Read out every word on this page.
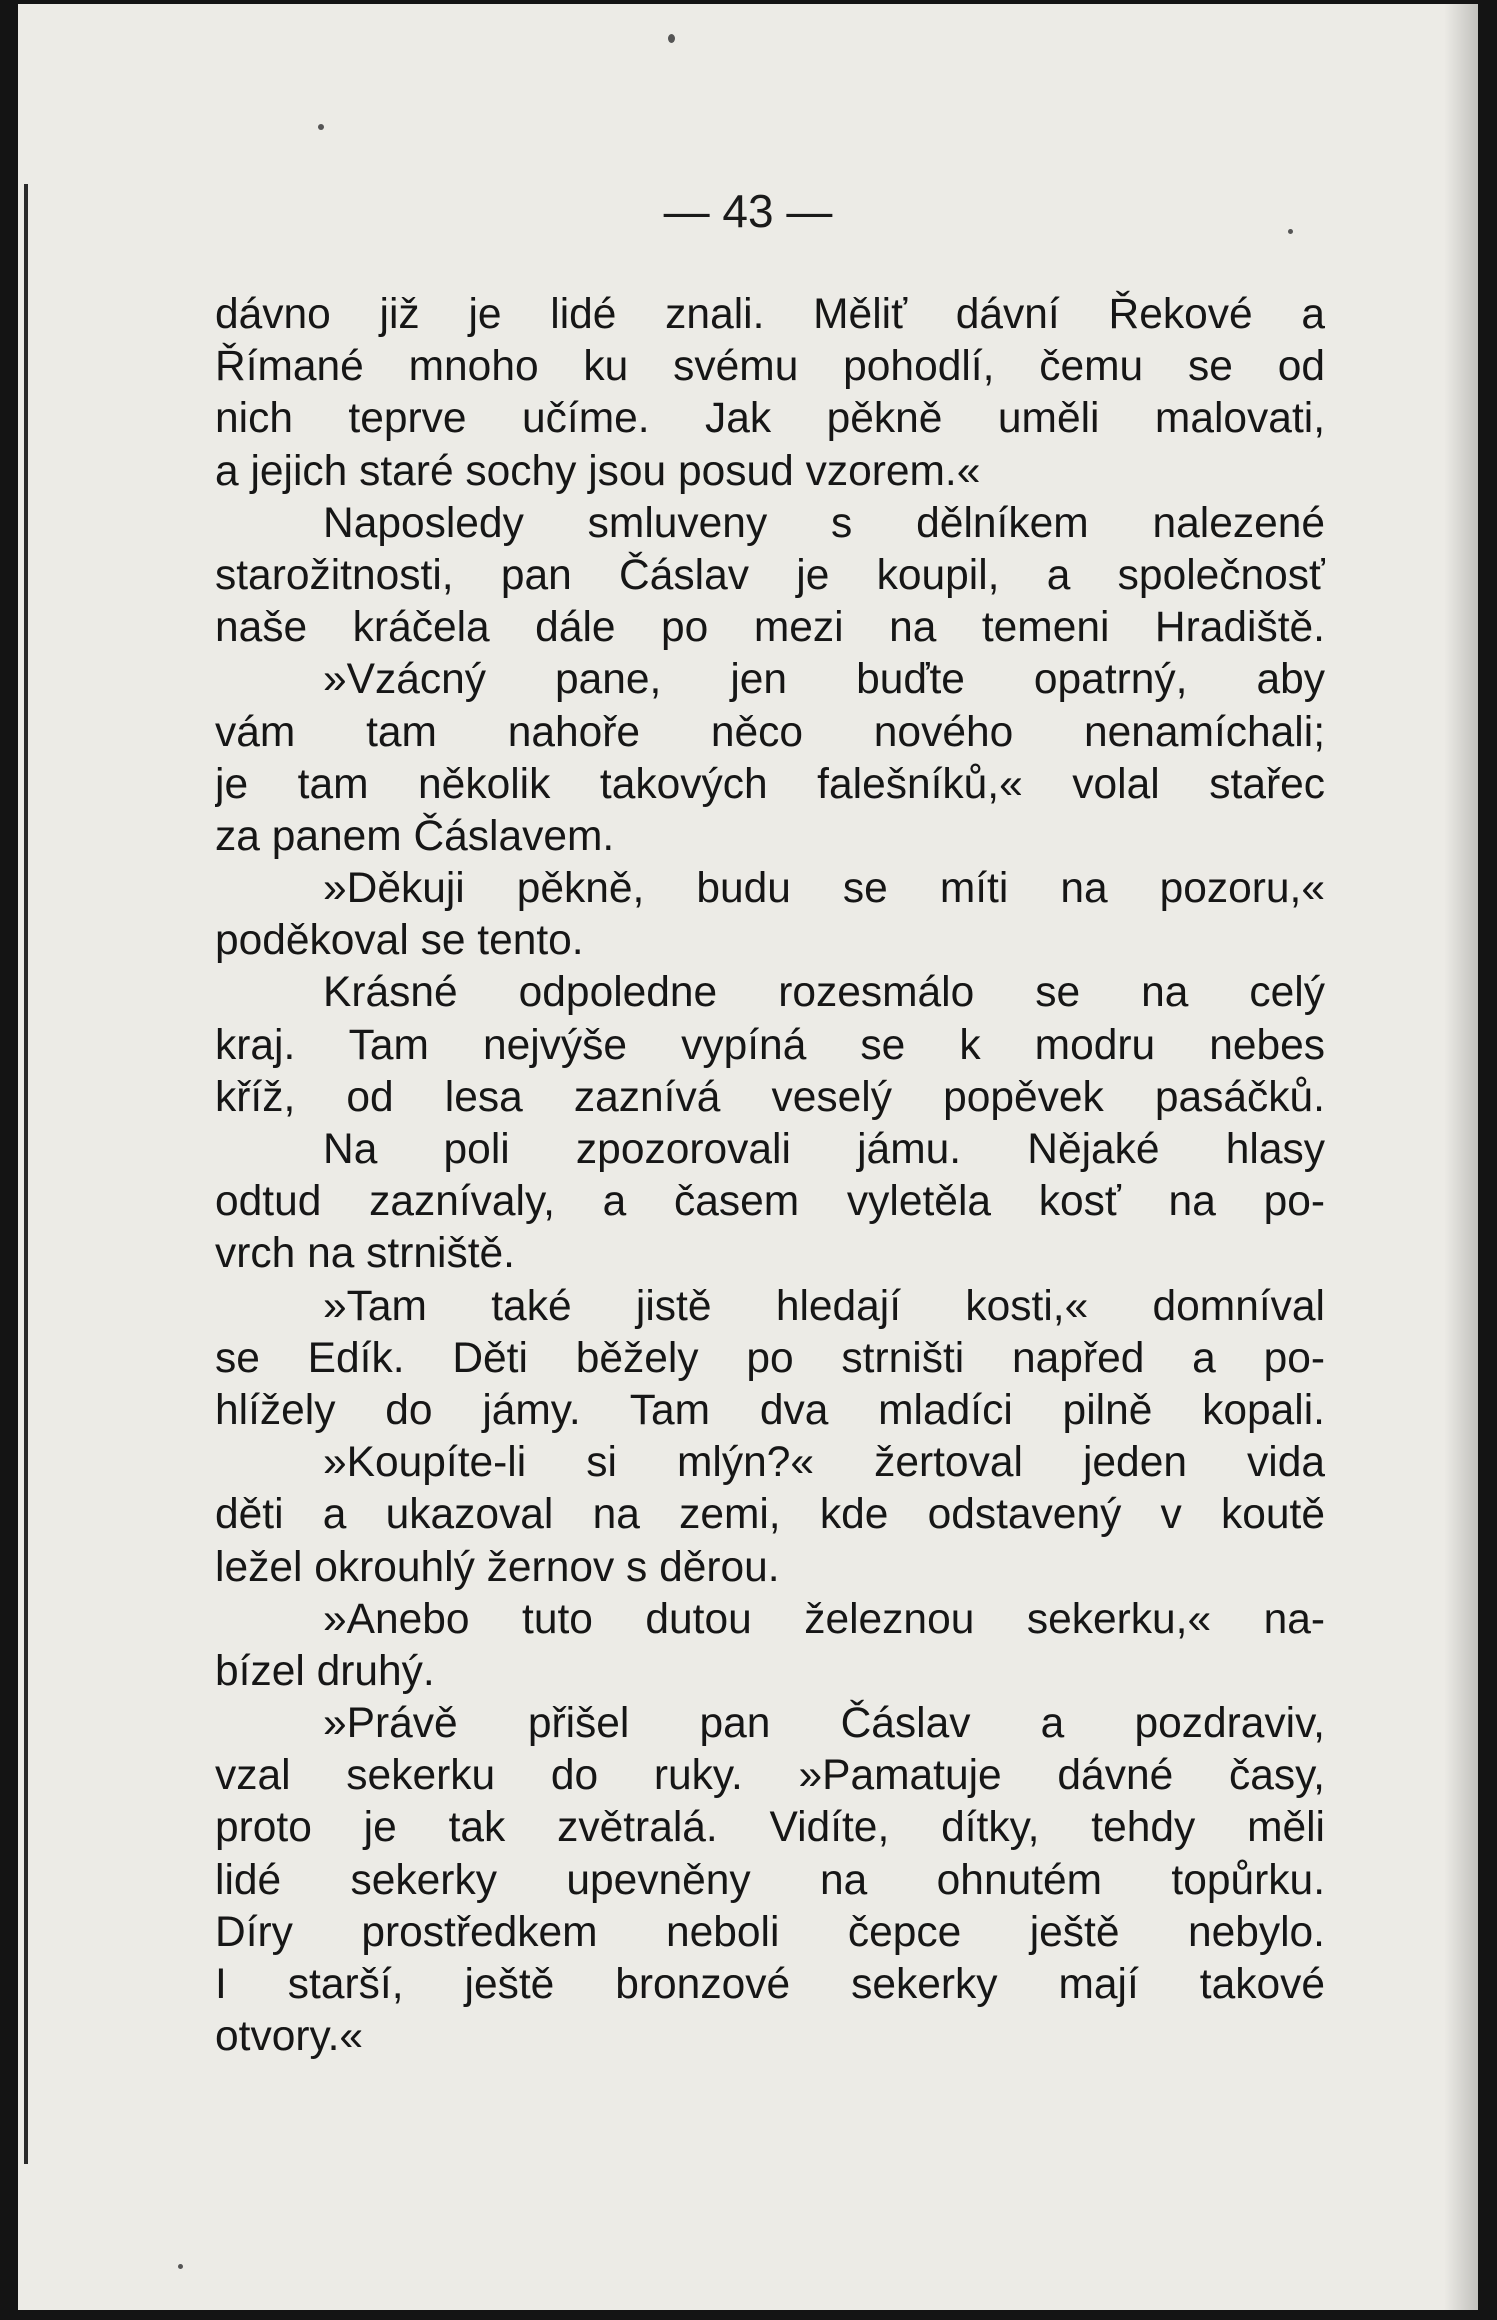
— 43 —
dávno již je lidé znali. Měliť dávní Řekové a
Římané mnoho ku svému pohodlí, čemu se od
nich teprve učíme. Jak pěkně uměli malovati,
a jejich staré sochy jsou posud vzorem.«
Naposledy smluveny s dělníkem nalezené
starožitnosti, pan Čáslav je koupil, a společnosť
naše kráčela dále po mezi na temeni Hradiště.
»Vzácný pane, jen buďte opatrný, aby
vám tam nahoře něco nového nenamíchali;
je tam několik takových falešníků,« volal stařec
za panem Čáslavem.
»Děkuji pěkně, budu se míti na pozoru,«
poděkoval se tento.
Krásné odpoledne rozesmálo se na celý
kraj. Tam nejvýše vypíná se k modru nebes
kříž, od lesa zaznívá veselý popěvek pasáčků.
Na poli zpozorovali jámu. Nějaké hlasy
odtud zaznívaly, a časem vyletěla kosť na po-
vrch na strniště.
»Tam také jistě hledají kosti,« domníval
se Edík. Děti běžely po strništi napřed a po-
hlížely do jámy. Tam dva mladíci pilně kopali.
»Koupíte-li si mlýn?« žertoval jeden vida
děti a ukazoval na zemi, kde odstavený v koutě
ležel okrouhlý žernov s děrou.
»Anebo tuto dutou železnou sekerku,« na-
bízel druhý.
»Právě přišel pan Čáslav a pozdraviv,
vzal sekerku do ruky. »Pamatuje dávné časy,
proto je tak zvětralá. Vidíte, dítky, tehdy měli
lidé sekerky upevněny na ohnutém topůrku.
Díry prostředkem neboli čepce ještě nebylo.
I starší, ještě bronzové sekerky mají takové
otvory.«
